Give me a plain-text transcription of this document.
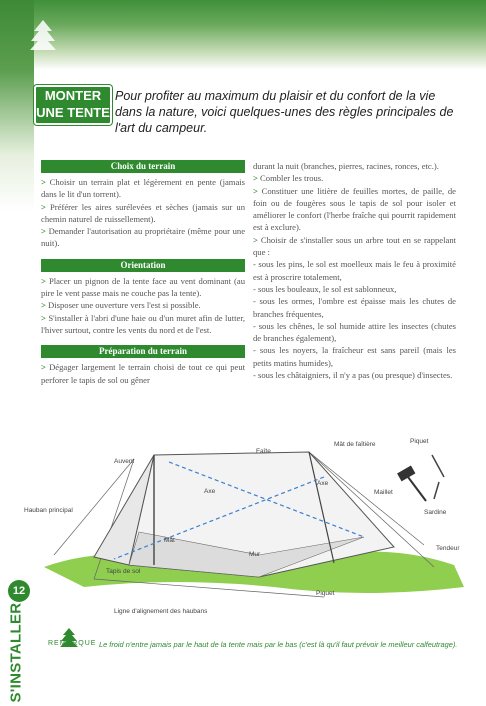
MONTER
UNE TENTE
Pour profiter au maximum du plaisir et du confort de la vie dans la nature, voici quelques-unes des règles principales de l'art du campeur.
Choix du terrain

> Choisir un terrain plat et légèrement en pente (jamais dans le lit d'un torrent).

> Préférer les aires surélevées et sèches (jamais sur un chemin naturel de ruissellement).

> Demander l'autorisation au propriétaire (même pour une nuit).

Orientation

> Placer un pignon de la tente face au vent dominant (au pire le vent passe mais ne couche pas la tente).

> Disposer une ouverture vers l'est si possible.

> S'installer à l'abri d'une haie ou d'un muret afin de lutter, l'hiver surtout, contre les vents du nord et de l'est.

Préparation du terrain

> Dégager largement le terrain choisi de tout ce qui peut perforer le tapis de sol ou gêner

durant la nuit (branches, pierres, racines, ronces, etc.).

> Combler les trous.

> Constituer une litière de feuilles mortes, de paille, de foin ou de fougères sous le tapis de sol pour isoler et améliorer le confort (l'herbe fraîche qui pourrit rapidement est à exclure).

> Choisir de s'installer sous un arbre tout en se rappelant que :

- sous les pins, le sol est moelleux mais le feu à proximité est à proscrire totalement,

- sous les bouleaux, le sol est sablonneux,

- sous les ormes, l'ombre est épaisse mais les chutes de branches fréquentes,

- sous les chênes, le sol humide attire les insectes (chutes de branches également),

- sous les noyers, la fraîcheur est sans pareil (mais les petits matins humides),

- sous les châtaigniers, il n'y a pas (ou presque) d'insectes.

Auvent
Faîte
Mât de faîtière	Piquet
Axe
Axe
Maillet
Hauban principal	Sardine
Mât
Mur
Tendeur
Tapis de sol
Piquet
Ligne d'alignement des haubans
12
S'INSTALLER	REMARQUE Le froid n'entre jamais par le haut de la tente mais par le bas (c'est là qu'il faut prévoir le meilleur calfeutrage).
